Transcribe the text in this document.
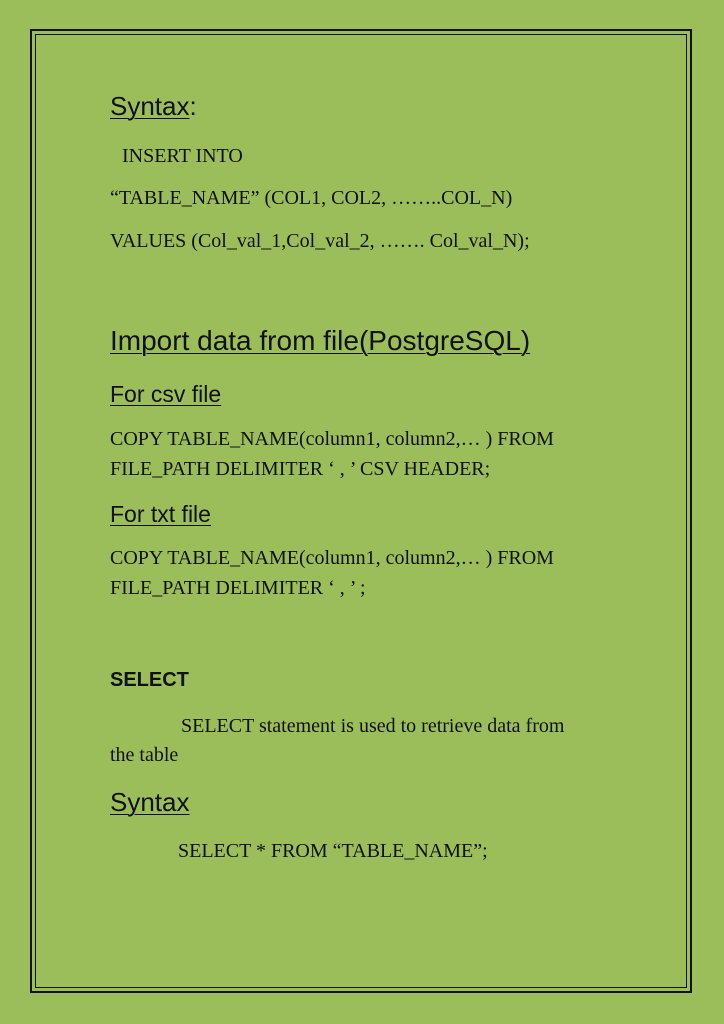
Syntax:
INSERT INTO
“TABLE_NAME” (COL1, COL2, ……..COL_N)
VALUES (Col_val_1,Col_val_2, ……. Col_val_N);
Import data from file(PostgreSQL)
For csv file
COPY TABLE_NAME(column1, column2,… ) FROM
FILE_PATH DELIMITER ‘ , ’ CSV HEADER;
For txt file
COPY TABLE_NAME(column1, column2,… ) FROM
FILE_PATH DELIMITER ‘ , ’ ;
SELECT
SELECT statement is used to retrieve data from
the table
Syntax
SELECT * FROM “TABLE_NAME”;
